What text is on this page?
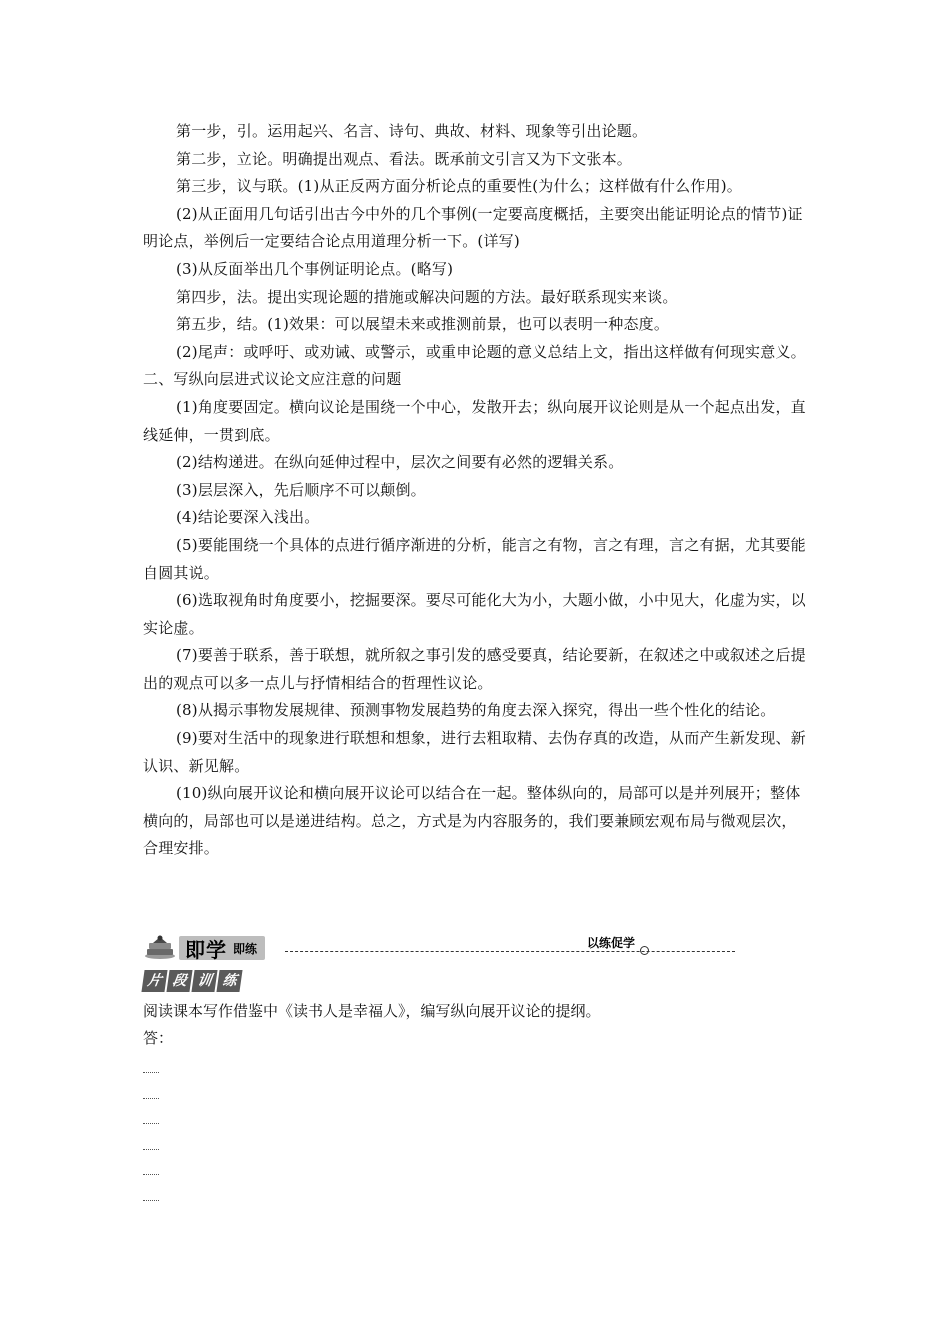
第一步，引。运用起兴、名言、诗句、典故、材料、现象等引出论题。

第二步，立论。明确提出观点、看法。既承前文引言又为下文张本。

第三步，议与联。(1)从正反两方面分析论点的重要性(为什么；这样做有什么作用)。

(2)从正面用几句话引出古今中外的几个事例(一定要高度概括，主要突出能证明论点的情节)证明论点，举例后一定要结合论点用道理分析一下。(详写)

(3)从反面举出几个事例证明论点。(略写)

第四步，法。提出实现论题的措施或解决问题的方法。最好联系现实来谈。

第五步，结。(1)效果：可以展望未来或推测前景，也可以表明一种态度。

(2)尾声：或呼吁、或劝诫、或警示，或重申论题的意义总结上文，指出这样做有何现实意义。

二、写纵向层进式议论文应注意的问题

(1)角度要固定。横向议论是围绕一个中心，发散开去；纵向展开议论则是从一个起点出发，直线延伸，一贯到底。

(2)结构递进。在纵向延伸过程中，层次之间要有必然的逻辑关系。

(3)层层深入，先后顺序不可以颠倒。

(4)结论要深入浅出。

(5)要能围绕一个具体的点进行循序渐进的分析，能言之有物，言之有理，言之有据，尤其要能自圆其说。

(6)选取视角时角度要小，挖掘要深。要尽可能化大为小，大题小做，小中见大，化虚为实，以实论虚。

(7)要善于联系，善于联想，就所叙之事引发的感受要真，结论要新，在叙述之中或叙述之后提出的观点可以多一点儿与抒情相结合的哲理性议论。

(8)从揭示事物发展规律、预测事物发展趋势的角度去深入探究，得出一些个性化的结论。

(9)要对生活中的现象进行联想和想象，进行去粗取精、去伪存真的改造，从而产生新发现、新认识、新见解。

(10)纵向展开议论和横向展开议论可以结合在一起。整体纵向的，局部可以是并列展开；整体横向的，局部也可以是递进结构。总之，方式是为内容服务的，我们要兼顾宏观布局与微观层次，合理安排。

即学 即练	以练促学
片 段 训 练

阅读课本写作借鉴中《读书人是幸福人》，编写纵向展开议论的提纲。

答：
